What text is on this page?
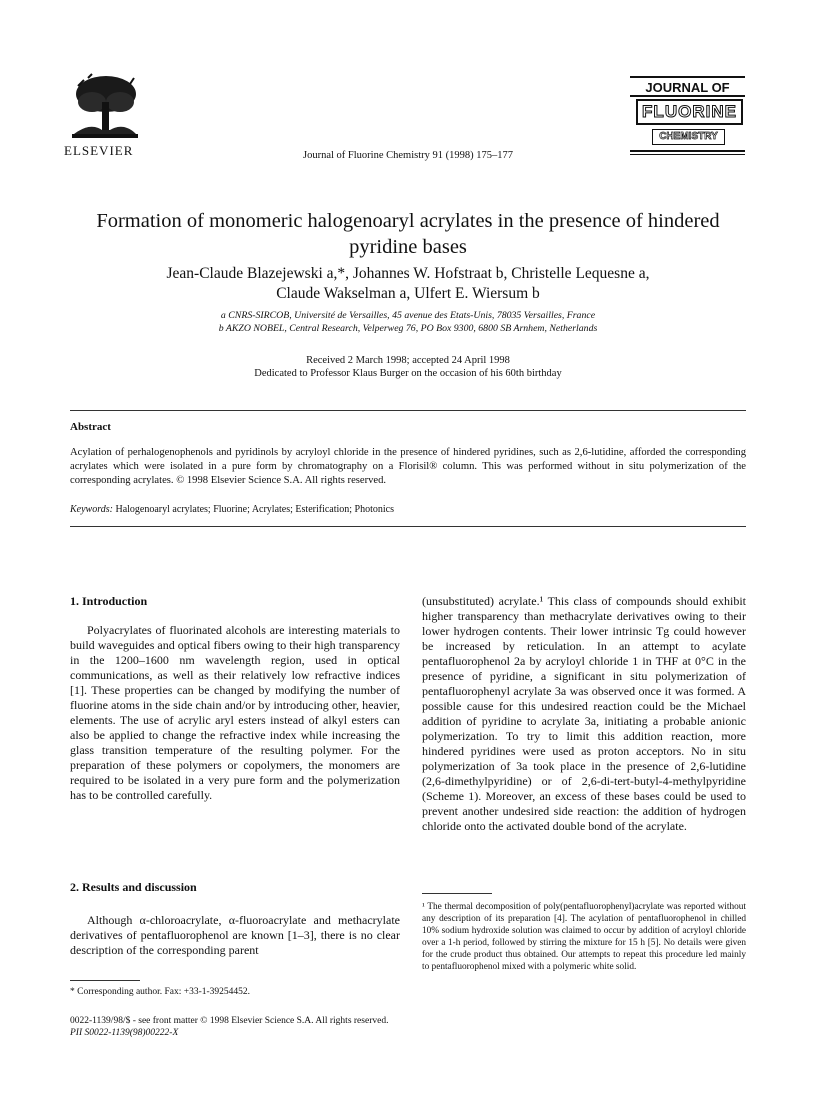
ELSEVIER	Journal of Fluorine Chemistry 91 (1998) 175–177
JOURNAL OF
FLUORINE
CHEMISTRY
Formation of monomeric halogenoaryl acrylates in the presence of hindered pyridine bases
Jean-Claude Blazejewski a,*, Johannes W. Hofstraat b, Christelle Lequesne a,
Claude Wakselman a, Ulfert E. Wiersum b
a CNRS-SIRCOB, Université de Versailles, 45 avenue des Etats-Unis, 78035 Versailles, France
b AKZO NOBEL, Central Research, Velperweg 76, PO Box 9300, 6800 SB Arnhem, Netherlands
Received 2 March 1998; accepted 24 April 1998
Dedicated to Professor Klaus Burger on the occasion of his 60th birthday
Abstract
Acylation of perhalogenophenols and pyridinols by acryloyl chloride in the presence of hindered pyridines, such as 2,6-lutidine, afforded the corresponding acrylates which were isolated in a pure form by chromatography on a Florisil® column. This was performed without in situ polymerization of the corresponding acrylates. © 1998 Elsevier Science S.A. All rights reserved.
Keywords: Halogenoaryl acrylates; Fluorine; Acrylates; Esterification; Photonics
1. Introduction
Polyacrylates of fluorinated alcohols are interesting materials to build waveguides and optical fibers owing to their high transparency in the 1200–1600 nm wavelength region, used in optical communications, as well as their relatively low refractive indices [1]. These properties can be changed by modifying the number of fluorine atoms in the side chain and/or by introducing other, heavier, elements. The use of acrylic aryl esters instead of alkyl esters can also be applied to change the refractive index while increasing the glass transition temperature of the resulting polymer. For the preparation of these polymers or copolymers, the monomers are required to be isolated in a very pure form and the polymerization has to be controlled carefully.
2. Results and discussion
Although α-chloroacrylate, α-fluoroacrylate and methacrylate derivatives of pentafluorophenol are known [1–3], there is no clear description of the corresponding parent
(unsubstituted) acrylate.¹ This class of compounds should exhibit higher transparency than methacrylate derivatives owing to their lower hydrogen contents. Their lower intrinsic Tg could however be increased by reticulation. In an attempt to acylate pentafluorophenol 2a by acryloyl chloride 1 in THF at 0°C in the presence of pyridine, a significant in situ polymerization of pentafluorophenyl acrylate 3a was observed once it was formed. A possible cause for this undesired reaction could be the Michael addition of pyridine to acrylate 3a, initiating a probable anionic polymerization. To try to limit this addition reaction, more hindered pyridines were used as proton acceptors. No in situ polymerization of 3a took place in the presence of 2,6-lutidine (2,6-dimethylpyridine) or of 2,6-di-tert-butyl-4-methylpyridine (Scheme 1). Moreover, an excess of these bases could be used to prevent another undesired side reaction: the addition of hydrogen chloride onto the activated double bond of the acrylate.
¹ The thermal decomposition of poly(pentafluorophenyl)acrylate was reported without any description of its preparation [4]. The acylation of pentafluorophenol in chilled 10% sodium hydroxide solution was claimed to occur by addition of acryloyl chloride over a 1-h period, followed by stirring the mixture for 15 h [5]. No details were given for the crude product thus obtained. Our attempts to repeat this procedure led mainly to pentafluorophenol mixed with a polymeric white solid.
* Corresponding author. Fax: +33-1-39254452.
0022-1139/98/$ - see front matter © 1998 Elsevier Science S.A. All rights reserved.
PII S0022-1139(98)00222-X
